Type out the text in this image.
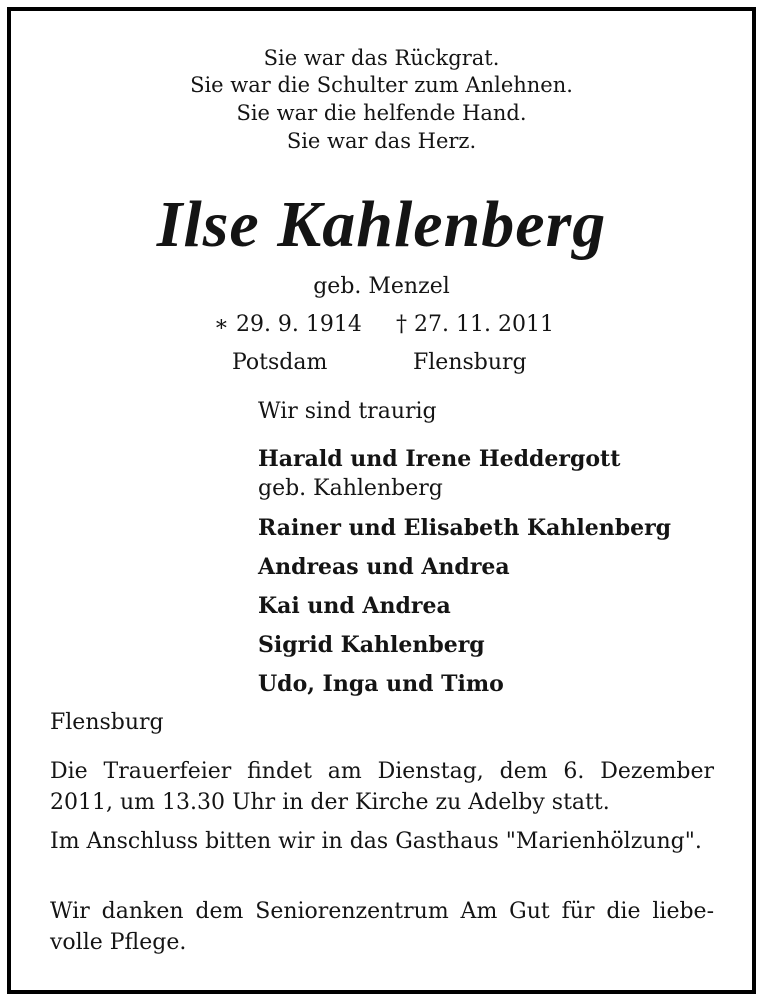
Sie war das Rückgrat.
Sie war die Schulter zum Anlehnen.
Sie war die helfende Hand.
Sie war das Herz.
Ilse Kahlenberg
geb. Menzel
∗ 29. 9. 1914 † 27. 11. 2011
Potsdam	Flensburg
Wir sind traurig
Harald und Irene Heddergott
geb. Kahlenberg
Rainer und Elisabeth Kahlenberg
Andreas und Andrea
Kai und Andrea
Sigrid Kahlenberg
Udo, Inga und Timo
Flensburg
Die Trauerfeier findet am Dienstag, dem 6. Dezember 2011, um 13.30 Uhr in der Kirche zu Adelby statt.
Im Anschluss bitten wir in das Gasthaus "Marienhölzung".
Wir danken dem Seniorenzentrum Am Gut für die liebevolle Pflege.
